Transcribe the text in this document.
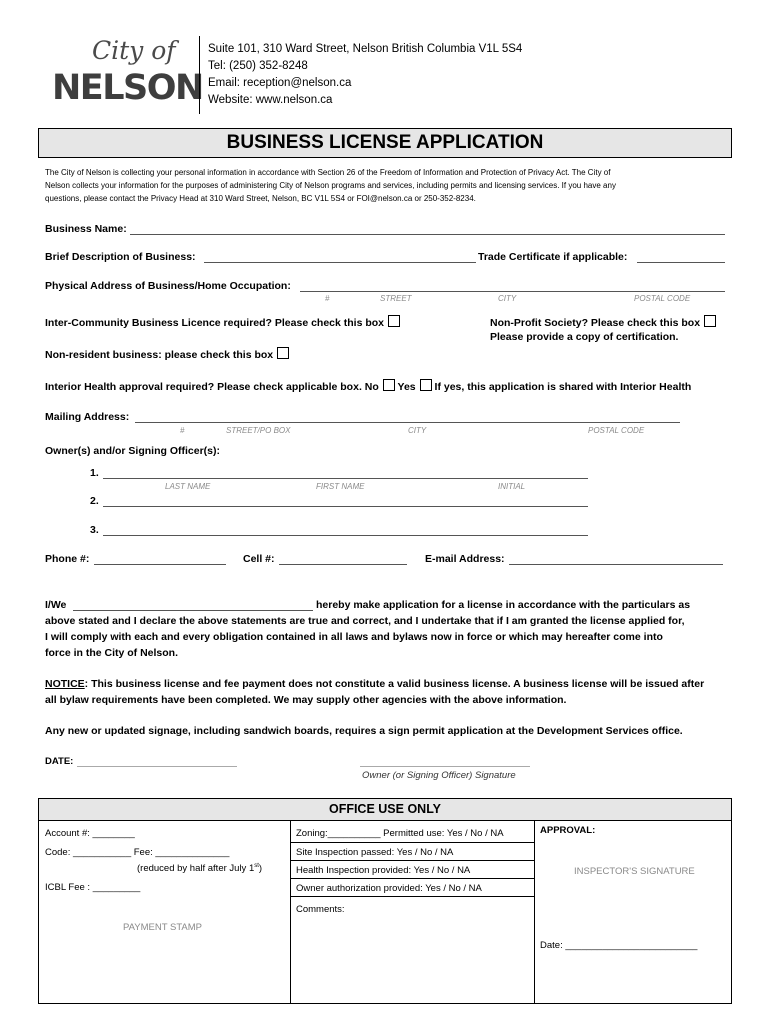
City of
NELSON
Suite 101, 310 Ward Street, Nelson British Columbia V1L 5S4
Tel: (250) 352-8248
Email: reception@nelson.ca
Website: www.nelson.ca
BUSINESS LICENSE APPLICATION
The City of Nelson is collecting your personal information in accordance with Section 26 of the Freedom of Information and Protection of Privacy Act. The City of
Nelson collects your information for the purposes of administering City of Nelson programs and services, including permits and licensing services. If you have any
questions, please contact the Privacy Head at 310 Ward Street, Nelson, BC V1L 5S4 or FOI@nelson.ca or 250-352-8234.
Business Name:
Brief Description of Business:	Trade Certificate if applicable:
Physical Address of Business/Home Occupation:
#	STREET	CITY	POSTAL CODE
Inter-Community Business Licence required? Please check this box	Non-Profit Society? Please check this box
Please provide a copy of certification.
Non-resident business: please check this box
Interior Health approval required? Please check applicable box. No Yes If yes, this application is shared with Interior Health
Mailing Address:
#	STREET/PO BOX	CITY	POSTAL CODE
Owner(s) and/or Signing Officer(s):
1.
LAST NAME	FIRST NAME	INITIAL
2.
3.
Phone #:	Cell #:	E-mail Address:
I/We	hereby make application for a license in accordance with the particulars as
above stated and I declare the above statements are true and correct, and I undertake that if I am granted the license applied for,
I will comply with each and every obligation contained in all laws and bylaws now in force or which may hereafter come into
force in the City of Nelson.
NOTICE: This business license and fee payment does not constitute a valid business license. A business license will be issued after
all bylaw requirements have been completed. We may supply other agencies with the above information.
Any new or updated signage, including sandwich boards, requires a sign permit application at the Development Services office.
DATE:
Owner (or Signing Officer) Signature
OFFICE USE ONLY
Account #: ________
Code: ___________ Fee: ______________
(reduced by half after July 1st)
ICBL Fee : _________
PAYMENT STAMP
Zoning:__________ Permitted use: Yes / No / NA
Site Inspection passed: Yes / No / NA
Health Inspection provided: Yes / No / NA
Owner authorization provided: Yes / No / NA
Comments:
Date: _________________________
APPROVAL:
INSPECTOR'S SIGNATURE
